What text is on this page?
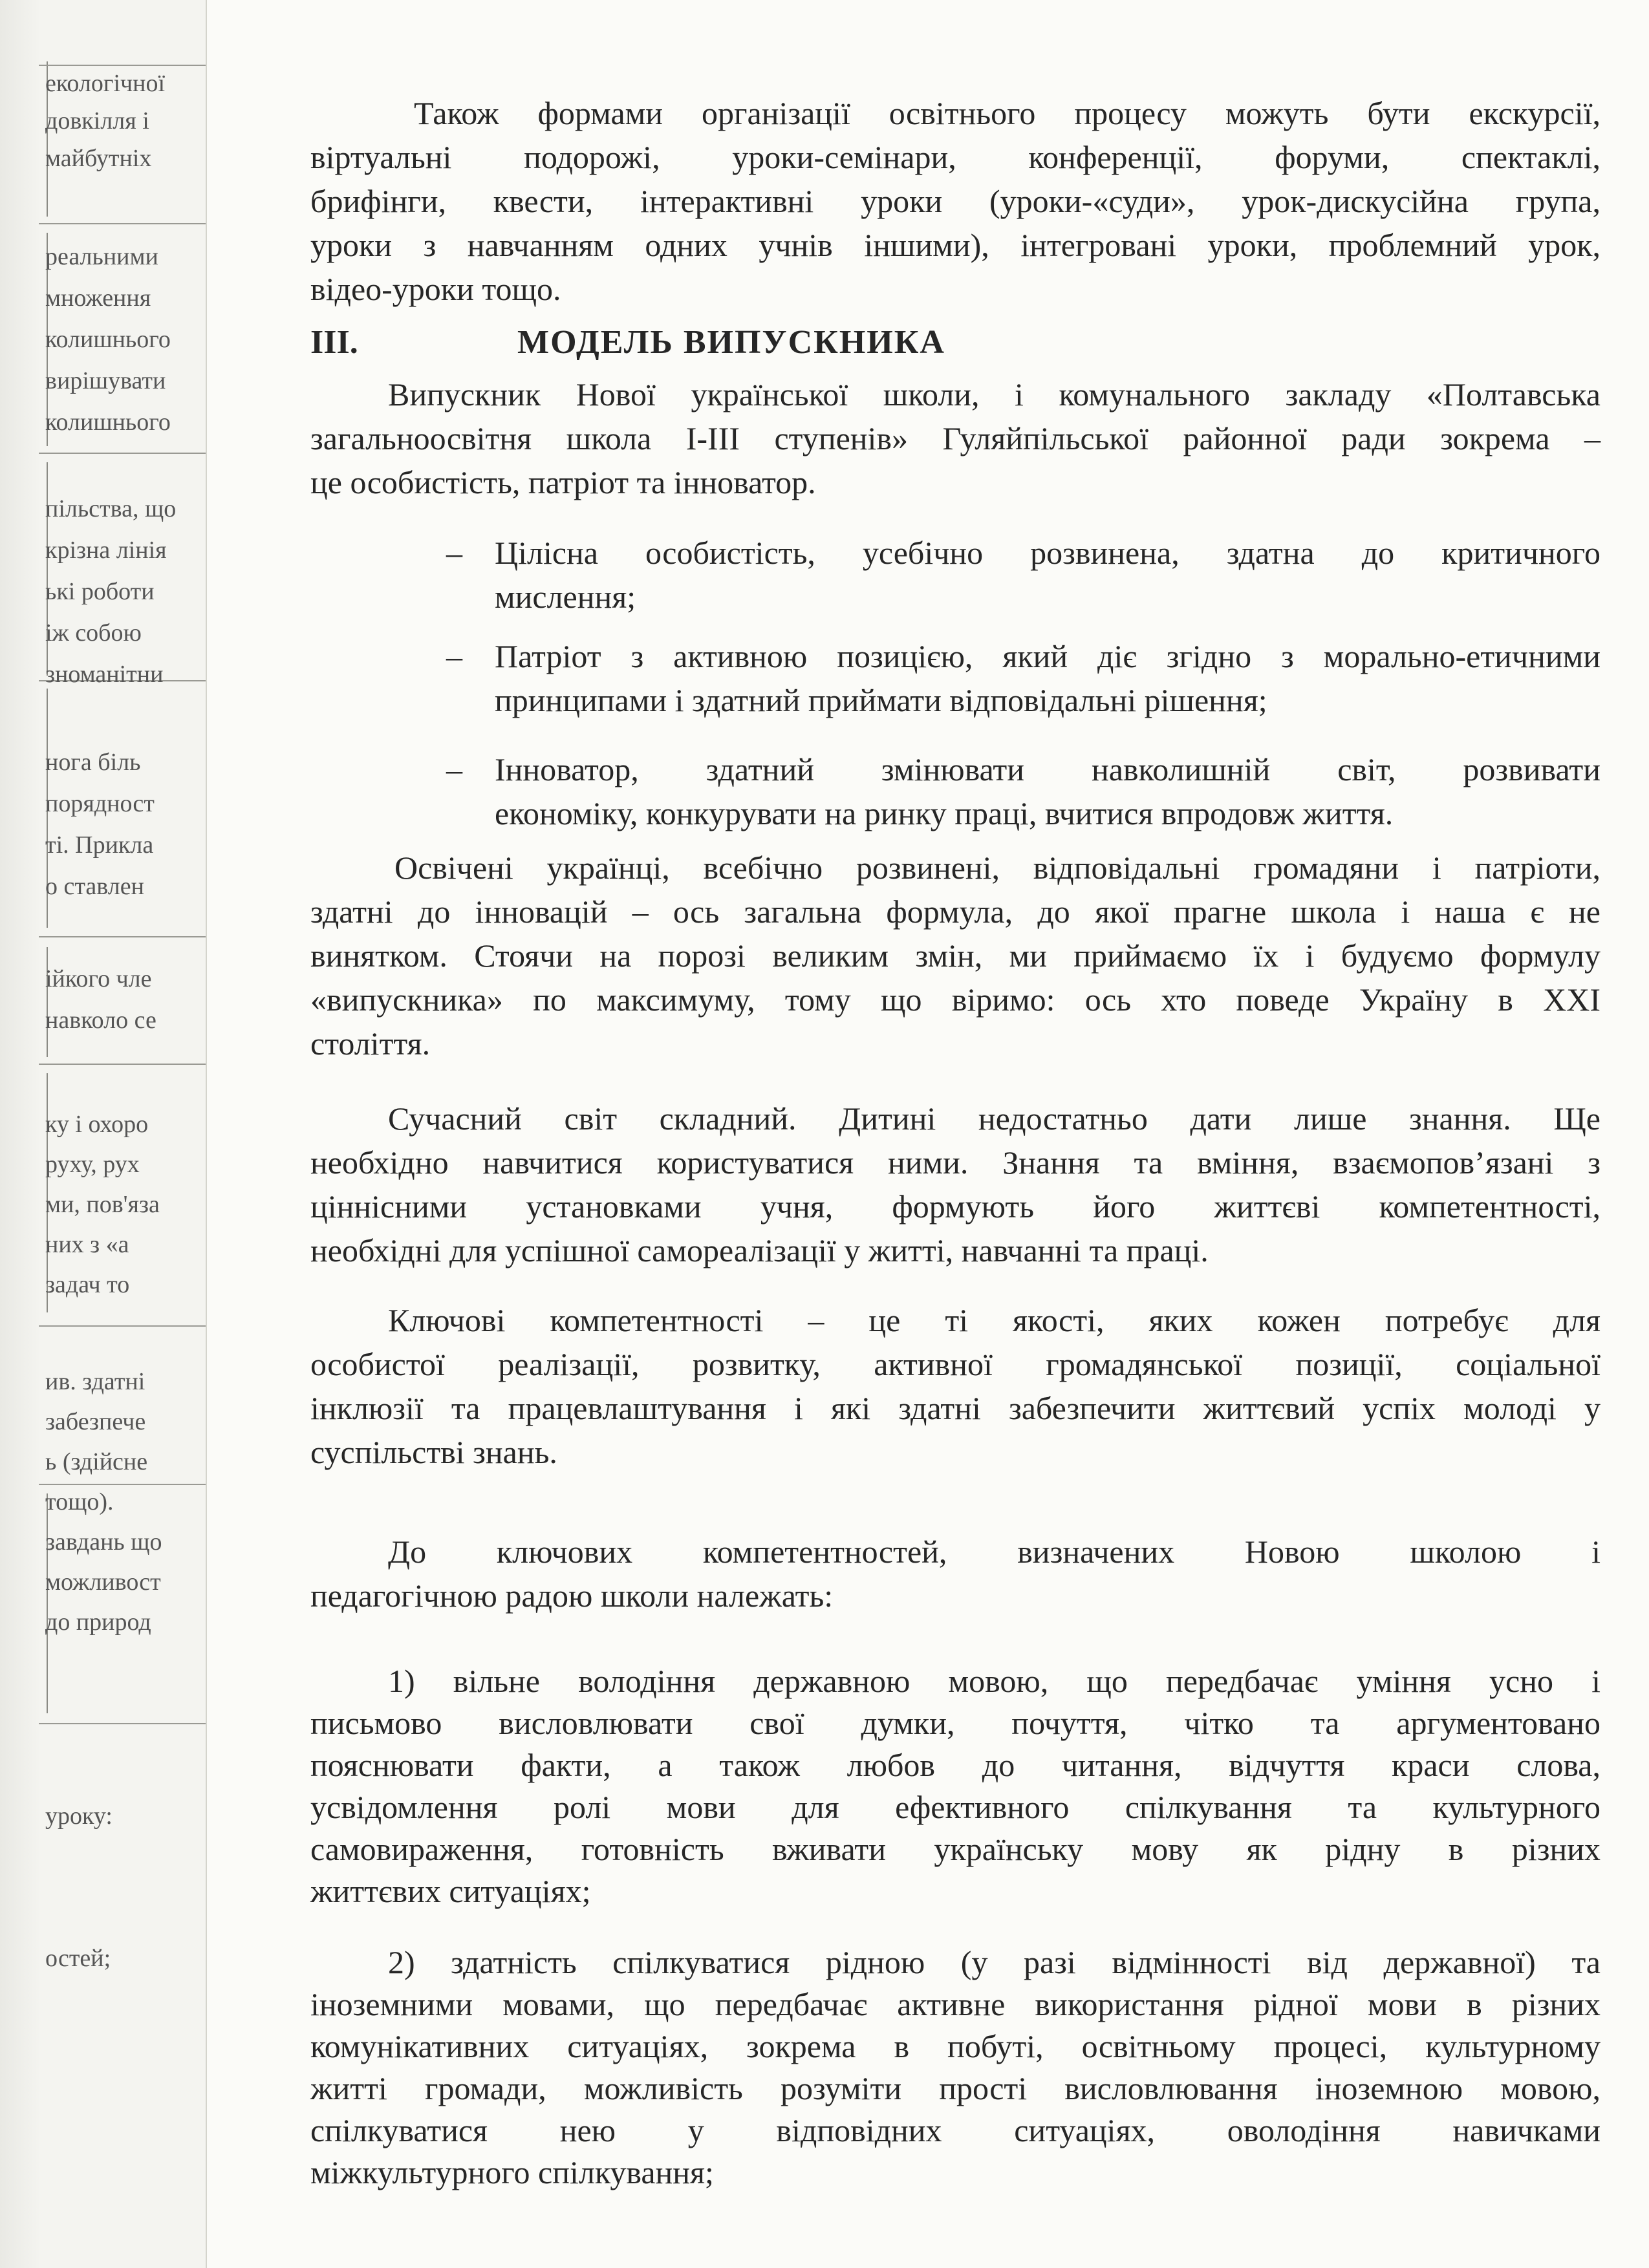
екологічної
довкілля і
майбутніх
реальними
множення
колишнього
вирішувати
колишнього
пільства, що
крізна лінія
ькі роботи
іж собою
зноманітни
нога біль
порядност
ті. Прикла
о ставлен
ійкого чле
навколо се
ку і охоро
руху, рух
ми, пов'яза
них з «а
задач то
ив. здатні
забезпече
ь (здійсне
тощо).
завдань що
можливост
до природ
уроку:
остей;

Також формами організації освітнього процесу можуть бути екскурсії,

віртуальні подорожі, уроки-семінари, конференції, форуми, спектаклі,

брифінги, квести, інтерактивні уроки (уроки-«суди», урок-дискусійна група,

уроки з навчанням одних учнів іншими), інтегровані уроки, проблемний урок,

відео-уроки тощо.

III.	МОДЕЛЬ ВИПУСКНИКА

Випускник Нової української школи, і комунального закладу «Полтавська

загальноосвітня школа І-ІІІ ступенів» Гуляйпільської районної ради зокрема –

це особистість, патріот та інноватор.

– Цілісна особистість, усебічно розвинена, здатна до критичного

мислення;

– Патріот з активною позицією, який діє згідно з морально-етичними

принципами і здатний приймати відповідальні рішення;

– Інноватор, здатний змінювати навколишній світ, розвивати

економіку, конкурувати на ринку праці, вчитися впродовж життя.

Освічені українці, всебічно розвинені, відповідальні громадяни і патріоти,

здатні до інновацій – ось загальна формула, до якої прагне школа і наша є не

винятком. Стоячи на порозі великим змін, ми приймаємо їх і будуємо формулу

«випускника» по максимуму, тому що віримо: ось хто поведе Україну в XXI

століття.

Сучасний світ складний. Дитині недостатньо дати лише знання. Ще

необхідно навчитися користуватися ними. Знання та вміння, взаємопов’язані з

ціннісними установками учня, формують його життєві компетентності,

необхідні для успішної самореалізації у житті, навчанні та праці.

Ключові компетентності – це ті якості, яких кожен потребує для

особистої реалізації, розвитку, активної громадянської позиції, соціальної

інклюзії та працевлаштування і які здатні забезпечити життєвий успіх молоді у

суспільстві знань.

До ключових компетентностей, визначених Новою школою і

педагогічною радою школи належать:

1) вільне володіння державною мовою, що передбачає уміння усно і

письмово висловлювати свої думки, почуття, чітко та аргументовано

пояснювати факти, а також любов до читання, відчуття краси слова,

усвідомлення ролі мови для ефективного спілкування та культурного

самовираження, готовність вживати українську мову як рідну в різних

життєвих ситуаціях;

2) здатність спілкуватися рідною (у разі відмінності від державної) та

іноземними мовами, що передбачає активне використання рідної мови в різних

комунікативних ситуаціях, зокрема в побуті, освітньому процесі, культурному

житті громади, можливість розуміти прості висловлювання іноземною мовою,

спілкуватися нею у відповідних ситуаціях, оволодіння навичками

міжкультурного спілкування;
